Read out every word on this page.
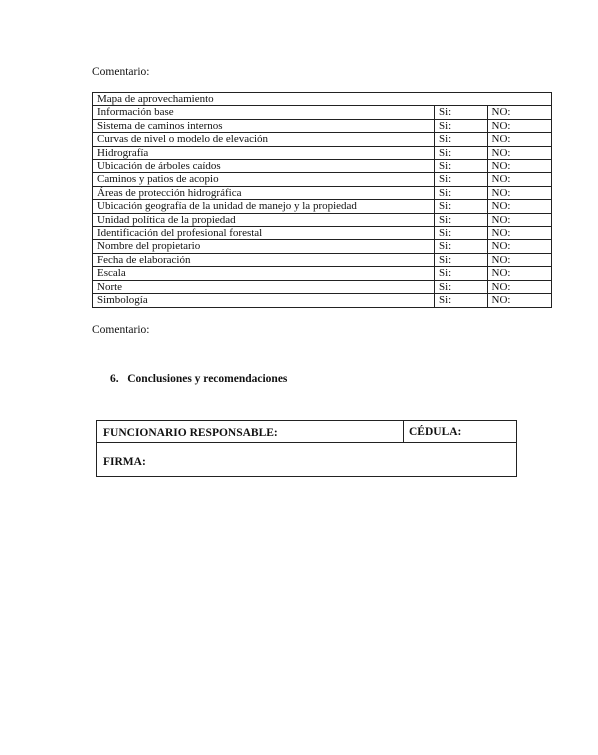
Comentario:
Mapa de aprovechamiento		
Información base	Si:	NO:
Sistema de caminos internos	Si:	NO:
Curvas de nivel o modelo de elevación	Si:	NO:
Hidrografía	Si:	NO:
Ubicación de árboles caídos	Si:	NO:
Caminos y patios de acopio	Si:	NO:
Áreas de protección hidrográfica	Si:	NO:
Ubicación geografía de la unidad de manejo y la propiedad	Si:	NO:
Unidad política de la propiedad	Si:	NO:
Identificación del profesional forestal	Si:	NO:
Nombre del propietario	Si:	NO:
Fecha de elaboración	Si:	NO:
Escala	Si:	NO:
Norte	Si:	NO:
Simbología	Si:	NO:
Comentario:
6. Conclusiones y recomendaciones
FUNCIONARIO RESPONSABLE:	CÉDULA:
FIRMA:
